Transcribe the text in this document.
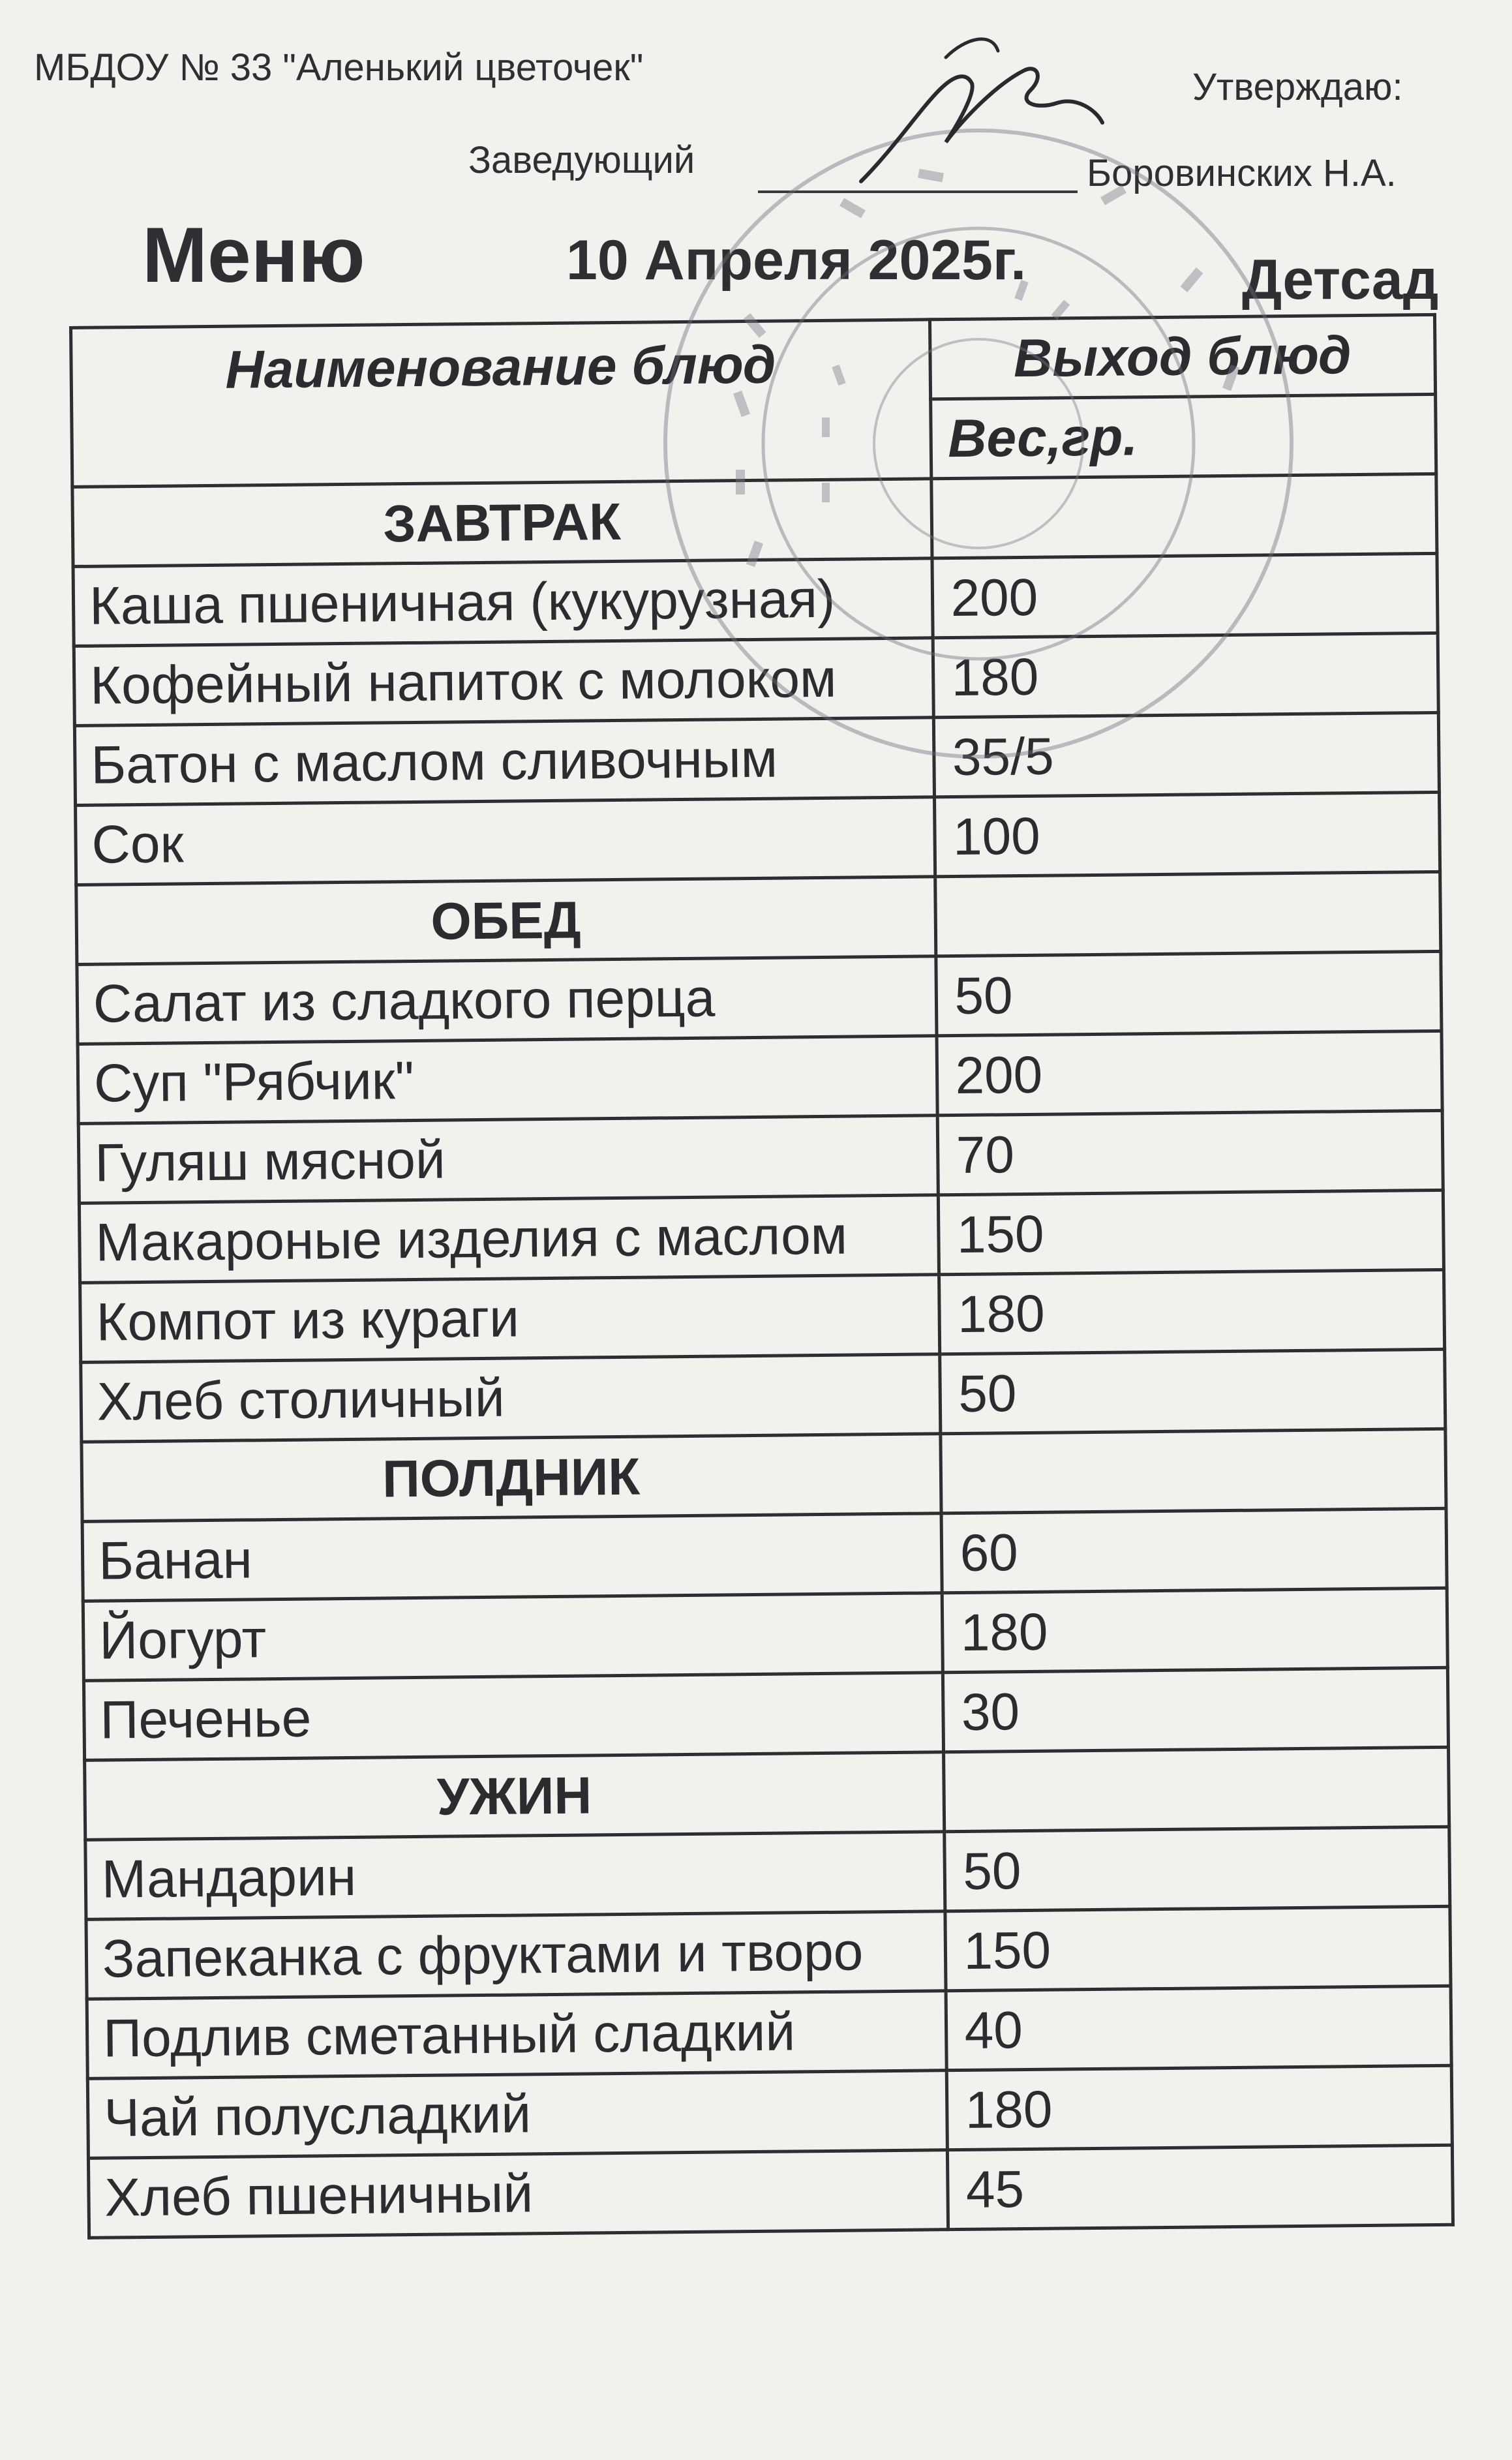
МБДОУ № 33 "Аленький цветочек"	Утверждаю:
Заведующий	Боровинских Н.А.
Меню	10 Апреля 2025г.	Детсад
Наименование блюд	Выход блюд
	Вес,гр.
ЗАВТРАК	
Каша пшеничная (кукурузная)	200
Кофейный напиток с молоком	180
Батон с маслом сливочным	35/5
Сок	100
ОБЕД	
Салат из сладкого перца	50
Суп "Рябчик"	200
Гуляш мясной	70
Макароные изделия с маслом	150
Компот из кураги	180
Хлеб столичный	50
ПОЛДНИК	
Банан	60
Йогурт	180
Печенье	30
УЖИН	
Мандарин	50
Запеканка с фруктами и творо	150
Подлив сметанный сладкий	40
Чай полусладкий	180
Хлеб пшеничный	45
